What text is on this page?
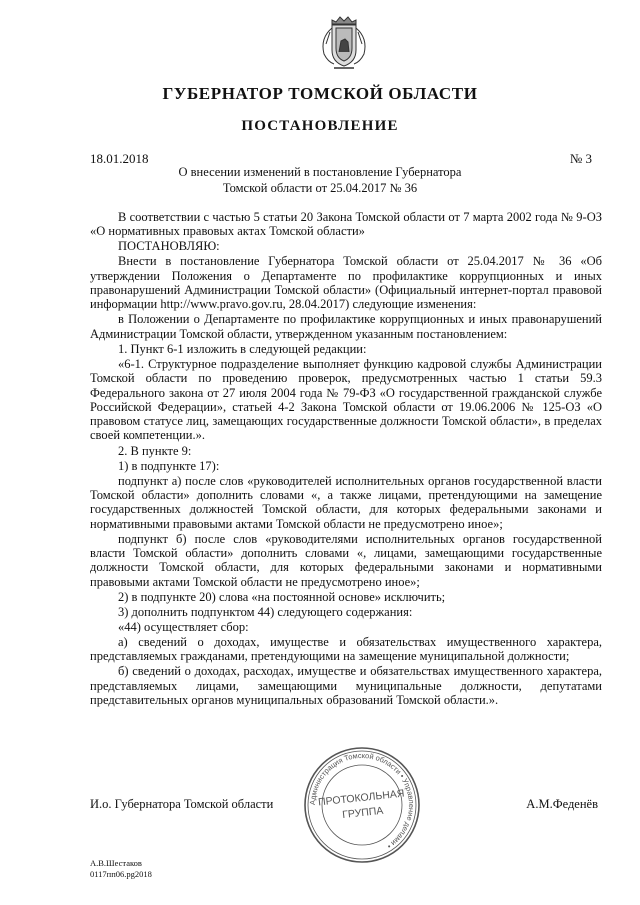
ГУБЕРНАТОР ТОМСКОЙ ОБЛАСТИ
ПОСТАНОВЛЕНИЕ
18.01.2018	№ 3
О внесении изменений в постановление Губернатора
Томской области от 25.04.2017 № 36

В соответствии с частью 5 статьи 20 Закона Томской области от 7 марта 2002 года № 9-ОЗ «О нормативных правовых актах Томской области»

ПОСТАНОВЛЯЮ:

Внести в постановление Губернатора Томской области от 25.04.2017 № 36 «Об утверждении Положения о Департаменте по профилактике коррупционных и иных правонарушений Администрации Томской области» (Официальный интернет-портал правовой информации http://www.pravo.gov.ru, 28.04.2017) следующие изменения:

в Положении о Департаменте по профилактике коррупционных и иных правонарушений Администрации Томской области, утвержденном указанным постановлением:

1. Пункт 6-1 изложить в следующей редакции:

«6-1. Структурное подразделение выполняет функцию кадровой службы Администрации Томской области по проведению проверок, предусмотренных частью 1 статьи 59.3 Федерального закона от 27 июля 2004 года № 79-ФЗ «О государственной гражданской службе Российской Федерации», статьей 4-2 Закона Томской области от 19.06.2006 № 125-ОЗ «О правовом статусе лиц, замещающих государственные должности Томской области», в пределах своей компетенции.».

2. В пункте 9:

1) в подпункте 17):

подпункт а) после слов «руководителей исполнительных органов государственной власти Томской области» дополнить словами «, а также лицами, претендующими на замещение государственных должностей Томской области, для которых федеральными законами и нормативными правовыми актами Томской области не предусмотрено иное»;

подпункт б) после слов «руководителями исполнительных органов государственной власти Томской области» дополнить словами «, лицами, замещающими государственные должности Томской области, для которых федеральными законами и нормативными правовыми актами Томской области не предусмотрено иное»;

2) в подпункте 20) слова «на постоянной основе» исключить;

3) дополнить подпунктом 44) следующего содержания:

«44) осуществляет сбор:

а) сведений о доходах, имуществе и обязательствах имущественного характера, представляемых гражданами, претендующими на замещение муниципальной должности;

б) сведений о доходах, расходах, имуществе и обязательствах имущественного характера, представляемых лицами, замещающими муниципальные должности, депутатами представительных органов муниципальных образований Томской области.».

И.о. Губернатора Томской области	А.М.Феденёв
Администрация Томской области • Управление делами •
ПРОТОКОЛЬНАЯ
ГРУППА
А.В.Шестаков
0117пп06.pg2018
